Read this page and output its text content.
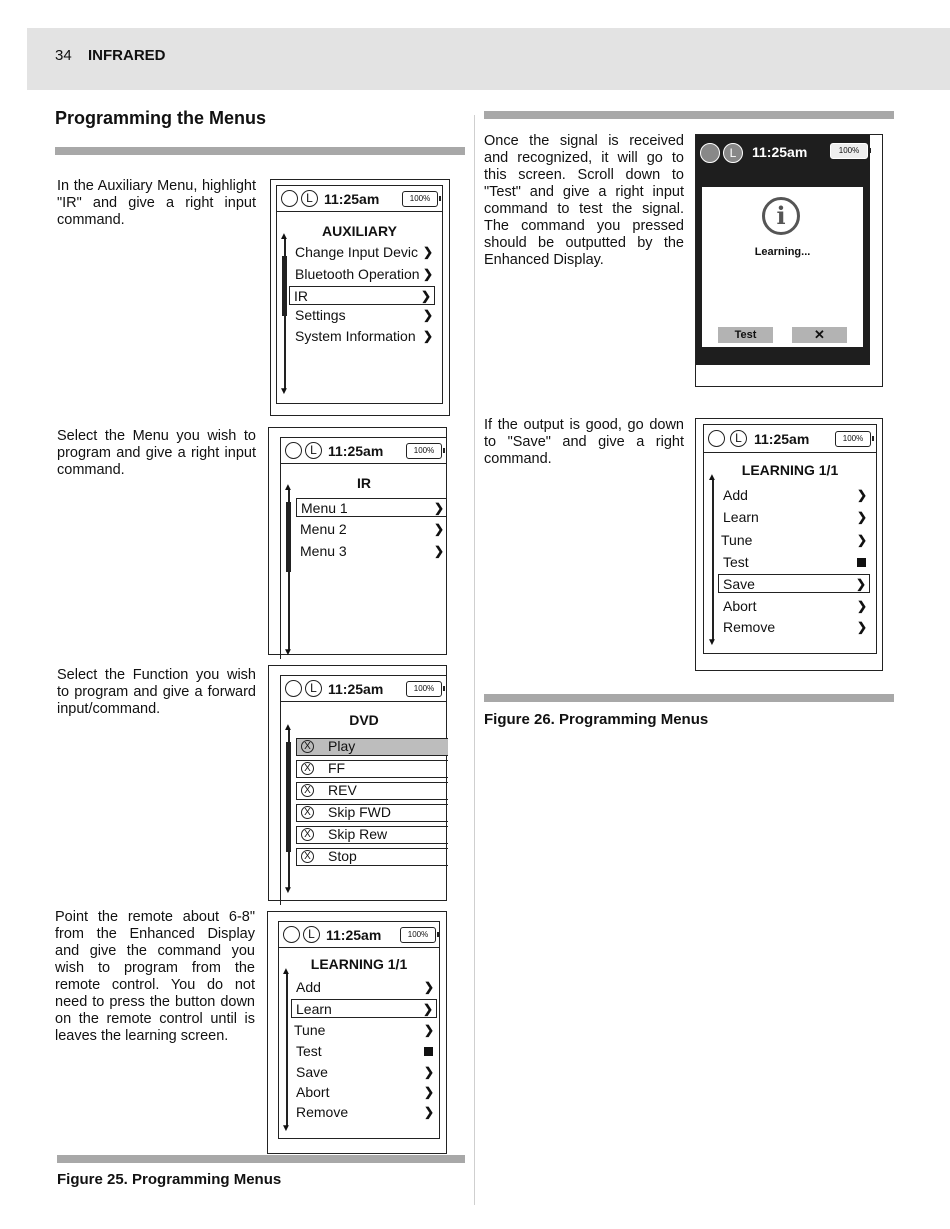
34 INFRARED
Programming the Menus
In the Auxiliary Menu, highlight "IR" and give a right input command.
Select the Menu you wish to program and give a right input command.
Select the Function you wish to program and give a forward input/command.
Point the remote about 6-8" from the Enhanced Display and give the command you wish to program from the remote control. You do not need to press the button down on the remote control until is leaves the learning screen.
Figure 25. Programming Menus
Once the signal is received and recognized, it will go to this screen. Scroll down to "Test" and give a right input command to test the signal. The command you pressed should be outputted by the Enhanced Display.
If the output is good, go down to "Save" and give a right command.
Figure 26. Programming Menus
L 11:25am	100%
AUXILIARY
▲ ▼
Change Input Devic ❯
Bluetooth Operation ❯
IR	❯
Settings	❯
System Information ❯
L 11:25am	100%
IR
▲ ▼
Menu 1	❯
Menu 2	❯
Menu 3	❯
L 11:25am	100%
DVD
▲ ▼
X Play
X FF
X REV
X Skip FWD
X Skip Rew
X Stop
L 11:25am	100%
LEARNING 1/1
▲ ▼
Add	❯
Learn	❯
Tune	❯
Test
Save	❯
Abort	❯
Remove	❯
L	11:25am	100%
i
Learning...
Test	✕
L 11:25am	100%
LEARNING 1/1
▲ ▼
Add	❯
Learn	❯
Tune	❯
Test
Save	❯
Abort	❯
Remove	❯
